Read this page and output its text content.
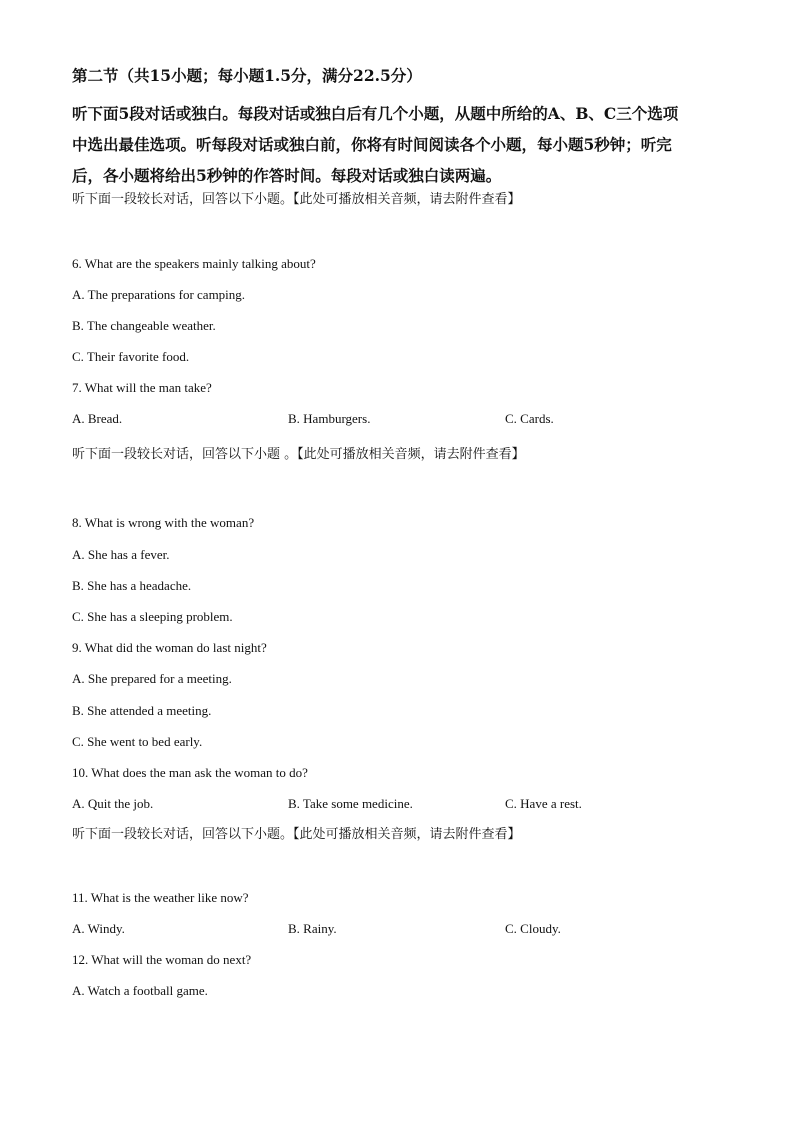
第二节（共15小题；每小题1.5分，满分22.5分）
听下面5段对话或独白。每段对话或独白后有几个小题，从题中所给的A、B、C三个选项
中选出最佳选项。听每段对话或独白前，你将有时间阅读各个小题，每小题5秒钟；听完
后，各小题将给出5秒钟的作答时间。每段对话或独白读两遍。
听下面一段较长对话，回答以下小题。【此处可播放相关音频，请去附件查看】
6. What are the speakers mainly talking about?
A. The preparations for camping.
B. The changeable weather.
C. Their favorite food.
7. What will the man take?
A. Bread.	B. Hamburgers.	C. Cards.
听下面一段较长对话，回答以下小题 。【此处可播放相关音频，请去附件查看】
8. What is wrong with the woman?
A. She has a fever.
B. She has a headache.
C. She has a sleeping problem.
9. What did the woman do last night?
A. She prepared for a meeting.
B. She attended a meeting.
C. She went to bed early.
10. What does the man ask the woman to do?
A. Quit the job.	B. Take some medicine.	C. Have a rest.
听下面一段较长对话，回答以下小题。【此处可播放相关音频，请去附件查看】
11. What is the weather like now?
A. Windy.	B. Rainy.	C. Cloudy.
12. What will the woman do next?
A. Watch a football game.
